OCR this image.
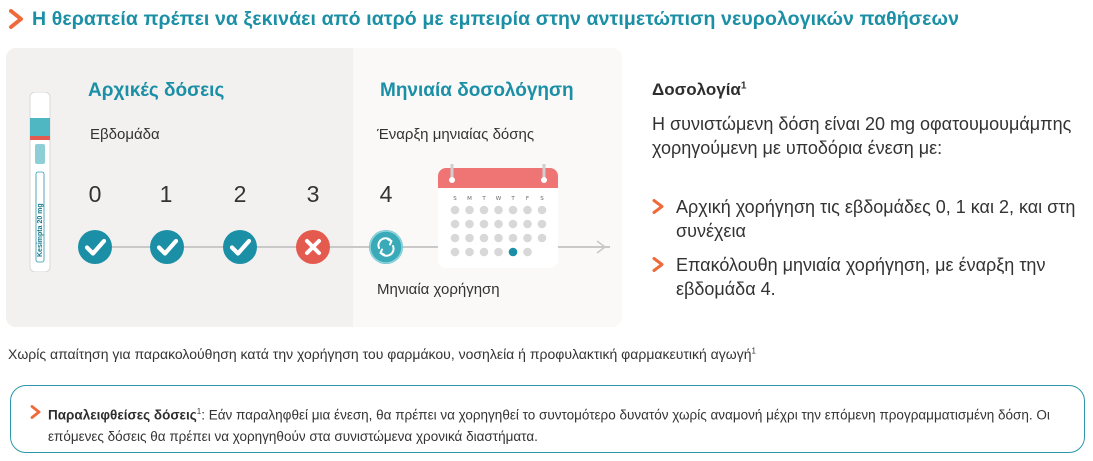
Η θεραπεία πρέπει να ξεκινάει από ιατρό με εμπειρία στην αντιμετώπιση νευρολογικών παθήσεων
Kesimpta 20 mg
Αρχικές δόσεις	Μηνιαία δοσολόγηση
Εβδομάδα	Έναρξη μηνιαίας δόσης
0	1	2	3	4	S M T W T F S
Μηνιαία χορήγηση
Δοσολογία$^1$
Η συνιστώμενη δόση είναι 20 mg οφατουμουμάμπης χορηγούμενη με υποδόρια ένεση με:
Αρχική χορήγηση τις εβδομάδες 0, 1 και 2, και στη συνέχεια
Επακόλουθη μηνιαία χορήγηση, με έναρξη την εβδομάδα 4.
Χωρίς απαίτηση για παρακολούθηση κατά την χορήγηση του φαρμάκου, νοσηλεία ή προφυλακτική φαρμακευτική αγωγή$^1$
Παραλειφθείσες δόσεις$^1$: Εάν παραληφθεί μια ένεση, θα πρέπει να χορηγηθεί το συντομότερο δυνατόν χωρίς αναμονή μέχρι την επόμενη προγραμματισμένη δόση. Οι επόμενες δόσεις θα πρέπει να χορηγηθούν στα συνιστώμενα χρονικά διαστήματα.
